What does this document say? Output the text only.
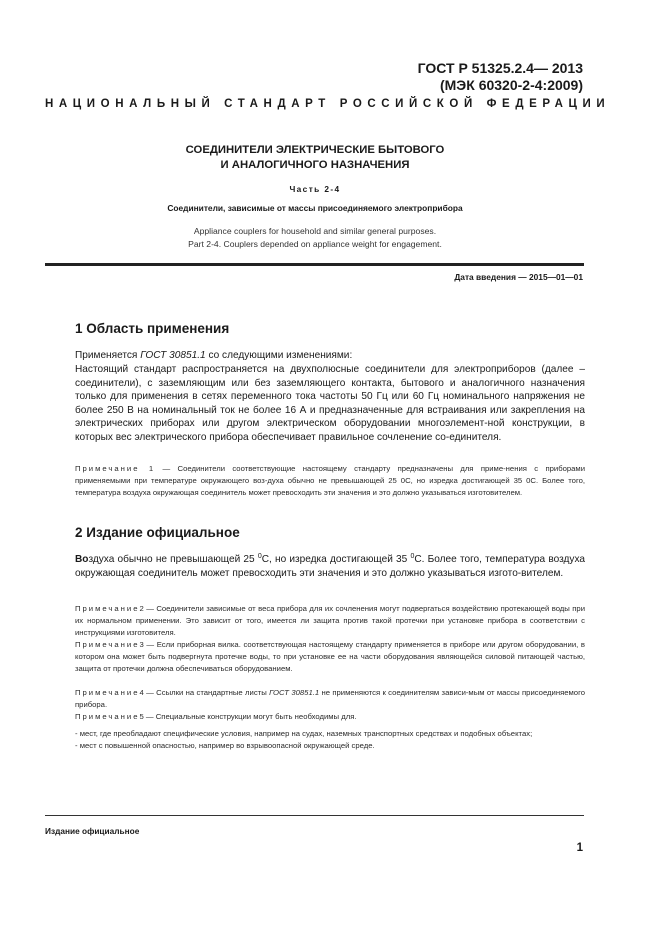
ГОСТ Р 51325.2.4— 2013
(МЭК 60320-2-4:2009)
НАЦИОНАЛЬНЫЙ СТАНДАРТ РОССИЙСКОЙ ФЕДЕРАЦИИ
СОЕДИНИТЕЛИ ЭЛЕКТРИЧЕСКИЕ БЫТОВОГО
И АНАЛОГИЧНОГО НАЗНАЧЕНИЯ
Часть 2-4
Соединители, зависимые от массы присоединяемого электроприбора
Appliance couplers for household and similar general purposes.
Part 2-4. Couplers depended on appliance weight for engagement.
Дата введения — 2015—01—01
1 Область применения
Применяется ГОСТ 30851.1 со следующими изменениями:
Настоящий стандарт распространяется на двухполюсные соединители для электроприборов (далее – соединители), с заземляющим или без заземляющего контакта, бытового и аналогичного назначения только для применения в сетях переменного тока частоты 50 Гц или 60 Гц номинального напряжения не более 250 В на номинальный ток не более 16 А и предназначенные для встраивания или закрепления на электрических приборах или другом электрическом оборудовании многоэлемент-ной конструкции, в которых вес электрического прибора обеспечивает правильное сочленение со-единителя.
Примечание 1 — Соединители соответствующие настоящему стандарту предназначены для приме-нения с приборами применяемыми при температуре окружающего воз-духа обычно не превышающей 25 0С, но изредка достигающей 35 0С. Более того, температура воздуха окружающая соединитель может превосходить эти значения и это должно указываться изготовителем.
2 Издание официальное
Воздуха обычно не превышающей 25 $^0$С, но изредка достигающей 35 $^0$С. Более того, температура воздуха окружающая соединитель может превосходить эти значения и это должно указываться изгото-вителем.
Примечание2 — Соединители зависимые от веса прибора для их сочленения могут подвергаться воздействию протекающей воды при их нормальном применении. Это зависит от того, имеется ли защита против такой протечки при установке прибора в соответствии с инструкциями изготовителя.
Примечание3 — Если приборная вилка. соответствующая настоящему стандарту применяется в приборе или другом оборудовании, в котором она может быть подвергнута протечке воды, то при установке ее на части оборудования являющейся силовой питающей частью, защита от протечки должна обеспечиваться оборудованием.
Примечание4 — Ссылки на стандартные листы ГОСТ 30851.1 не применяются к соединителям зависи-мым от массы присоединяемого прибора.
Примечание5 — Специальные конструкции могут быть необходимы для.
- мест, где преобладают специфические условия, например на судах, наземных транспортных средствах и подобных объектах;
- мест с повышенной опасностью, например во взрывоопасной окружающей среде.
Издание официальное
1
